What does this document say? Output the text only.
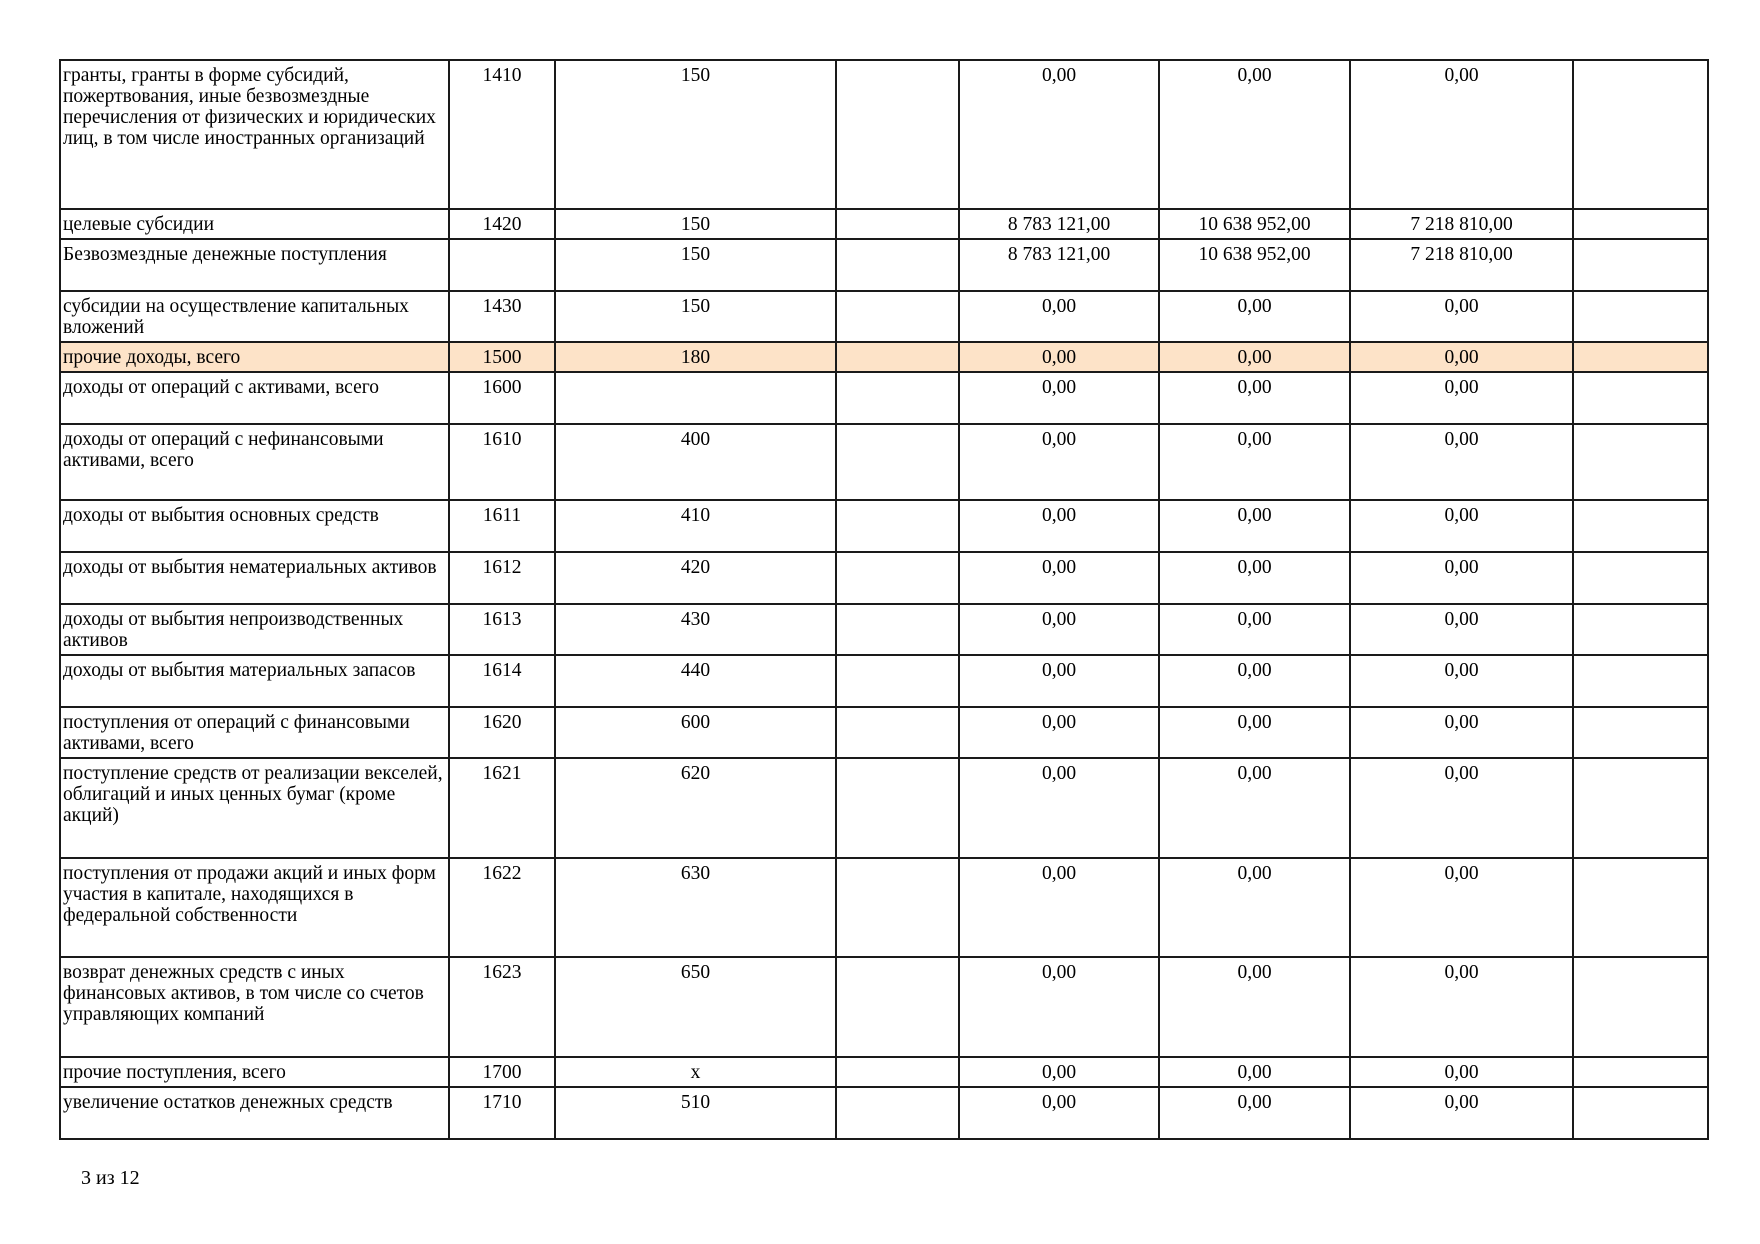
гранты, гранты в форме субсидий, пожертвования, иные безвозмездные перечисления от физических и юридических лиц, в том числе иностранных организаций	1410	150		0,00	0,00	0,00	
целевые субсидии	1420	150		8 783 121,00	10 638 952,00	7 218 810,00	
Безвозмездные денежные поступления		150		8 783 121,00	10 638 952,00	7 218 810,00	
субсидии на осуществление капитальных вложений	1430	150		0,00	0,00	0,00	
прочие доходы, всего	1500	180		0,00	0,00	0,00	
доходы от операций с активами, всего	1600			0,00	0,00	0,00	
доходы от операций с нефинансовыми активами, всего	1610	400		0,00	0,00	0,00	
доходы от выбытия основных средств	1611	410		0,00	0,00	0,00	
доходы от выбытия нематериальных активов	1612	420		0,00	0,00	0,00	
доходы от выбытия непроизводственных активов	1613	430		0,00	0,00	0,00	
доходы от выбытия материальных запасов	1614	440		0,00	0,00	0,00	
поступления от операций с финансовыми активами, всего	1620	600		0,00	0,00	0,00	
поступление средств от реализации векселей, облигаций и иных ценных бумаг (кроме акций)	1621	620		0,00	0,00	0,00	
поступления от продажи акций и иных форм участия в капитале, находящихся в федеральной собственности	1622	630		0,00	0,00	0,00	
возврат денежных средств с иных финансовых активов, в том числе со счетов управляющих компаний	1623	650		0,00	0,00	0,00	
прочие поступления, всего	1700	x		0,00	0,00	0,00	
увеличение остатков денежных средств	1710	510		0,00	0,00	0,00	
3 из 12
